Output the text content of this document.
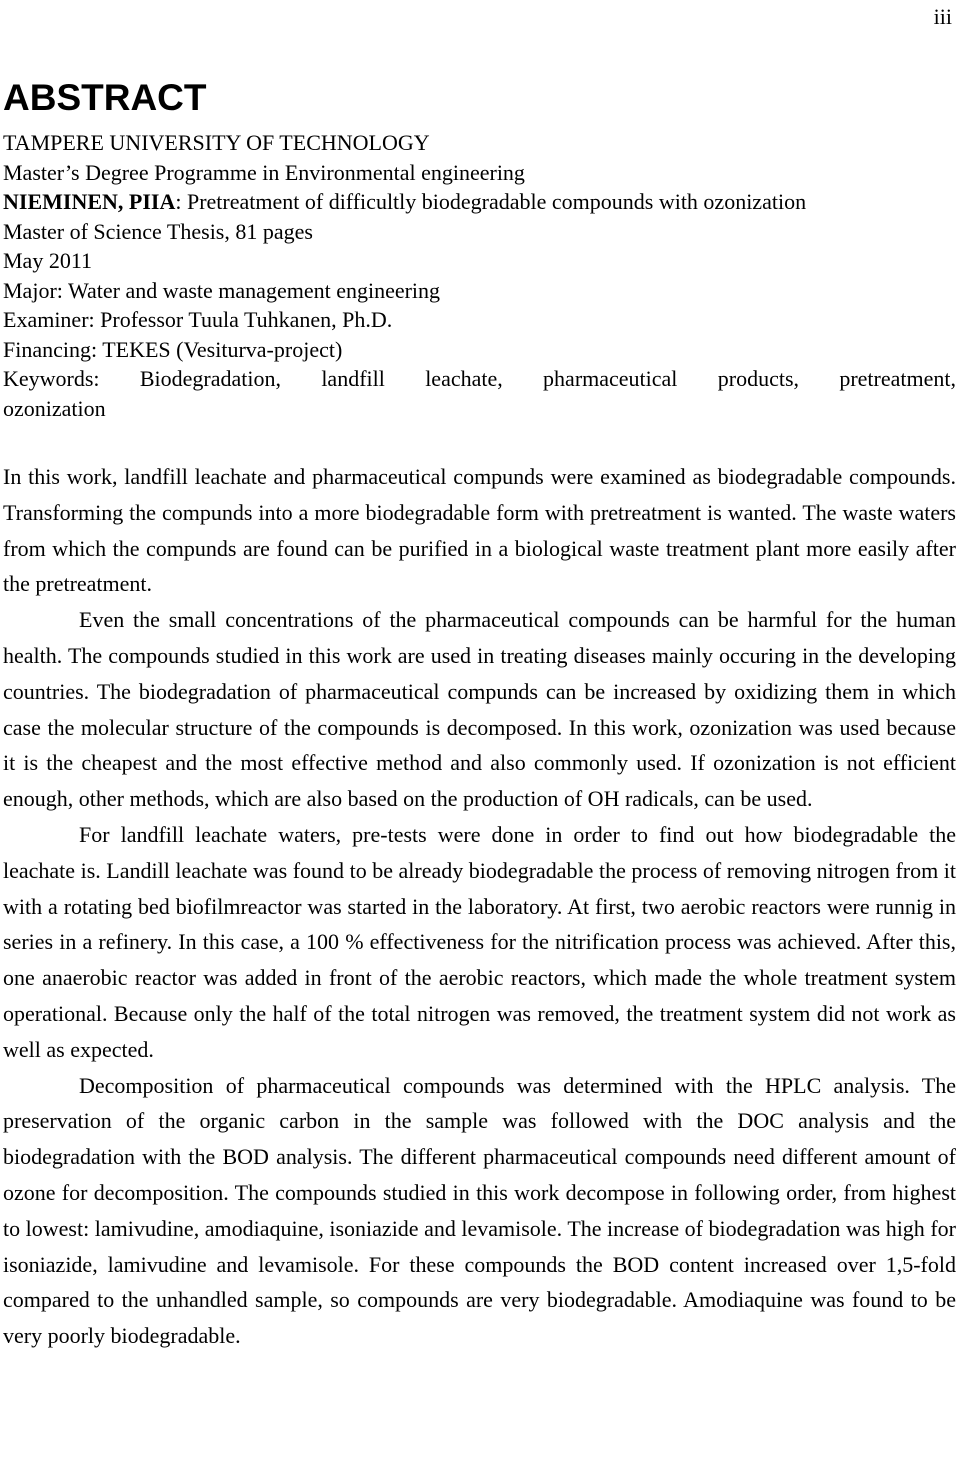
iii
ABSTRACT
TAMPERE UNIVERSITY OF TECHNOLOGY
Master’s Degree Programme in Environmental engineering
NIEMINEN, PIIA: Pretreatment of difficultly biodegradable compounds with ozonization
Master of Science Thesis, 81 pages
May 2011
Major: Water and waste management engineering
Examiner: Professor Tuula Tuhkanen, Ph.D.
Financing: TEKES (Vesiturva-project)
Keywords: Biodegradation, landfill leachate, pharmaceutical products, pretreatment,
ozonization

In this work, landfill leachate and pharmaceutical compunds were examined as biodegradable compounds. Transforming the compunds into a more biodegradable form with pretreatment is wanted. The waste waters from which the compunds are found can be purified in a biological waste treatment plant more easily after the pretreatment.

Even the small concentrations of the pharmaceutical compounds can be harmful for the human health. The compounds studied in this work are used in treating diseases mainly occuring in the developing countries. The biodegradation of pharmaceutical compunds can be increased by oxidizing them in which case the molecular structure of the compounds is decomposed. In this work, ozonization was used because it is the cheapest and the most effective method and also commonly used. If ozonization is not efficient enough, other methods, which are also based on the production of OH radicals, can be used.

For landfill leachate waters, pre-tests were done in order to find out how biodegradable the leachate is. Landill leachate was found to be already biodegradable the process of removing nitrogen from it with a rotating bed biofilmreactor was started in the laboratory. At first, two aerobic reactors were runnig in series in a refinery. In this case, a 100 % effectiveness for the nitrification process was achieved. After this, one anaerobic reactor was added in front of the aerobic reactors, which made the whole treatment system operational. Because only the half of the total nitrogen was removed, the treatment system did not work as well as expected.

Decomposition of pharmaceutical compounds was determined with the HPLC analysis. The preservation of the organic carbon in the sample was followed with the DOC analysis and the biodegradation with the BOD analysis. The different pharmaceutical compounds need different amount of ozone for decomposition. The compounds studied in this work decompose in following order, from highest to lowest: lamivudine, amodiaquine, isoniazide and levamisole. The increase of biodegradation was high for isoniazide, lamivudine and levamisole. For these compounds the BOD content increased over 1,5-fold compared to the unhandled sample, so compounds are very biodegradable. Amodiaquine was found to be very poorly biodegradable.
